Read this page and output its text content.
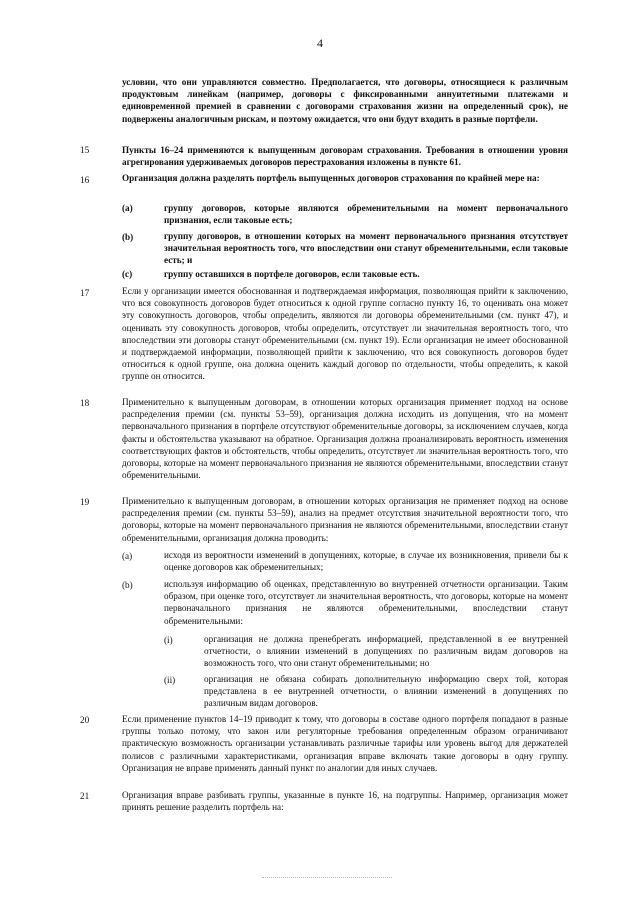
4
условии, что они управляются совместно. Предполагается, что договоры, относящиеся к различным продуктовым линейкам (например, договоры с фиксированными аннуитетными платежами и единовременной премией в сравнении с договорами страхования жизни на определенный срок), не подвержены аналогичным рискам, и поэтому ожидается, что они будут входить в разные портфели.
15	Пункты 16–24 применяются к выпущенным договорам страхования. Требования в отношении уровня агрегирования удерживаемых договоров перестрахования изложены в пункте 61.
16	Организация должна разделять портфель выпущенных договоров страхования по крайней мере на:
(a)	группу договоров, которые являются обременительными на момент первоначального признания, если таковые есть;
(b)	группу договоров, в отношении которых на момент первоначального признания отсутствует значительная вероятность того, что впоследствии они станут обременительными, если таковые есть; и
(c)	группу оставшихся в портфеле договоров, если таковые есть.
17	Если у организации имеется обоснованная и подтверждаемая информация, позволяющая прийти к заключению, что вся совокупность договоров будет относиться к одной группе согласно пункту 16, то оценивать она может эту совокупность договоров, чтобы определить, являются ли договоры обременительными (см. пункт 47), и оценивать эту совокупность договоров, чтобы определить, отсутствует ли значительная вероятность того, что впоследствии эти договоры станут обременительными (см. пункт 19). Если организация не имеет обоснованной и подтверждаемой информации, позволяющей прийти к заключению, что вся совокупность договоров будет относиться к одной группе, она должна оценить каждый договор по отдельности, чтобы определить, к какой группе он относится.
18	Применительно к выпущенным договорам, в отношении которых организация применяет подход на основе распределения премии (см. пункты 53–59), организация должна исходить из допущения, что на момент первоначального признания в портфеле отсутствуют обременительные договоры, за исключением случаев, когда факты и обстоятельства указывают на обратное. Организация должна проанализировать вероятность изменения соответствующих фактов и обстоятельств, чтобы определить, отсутствует ли значительная вероятность того, что договоры, которые на момент первоначального признания не являются обременительными, впоследствии станут обременительными.
19	Применительно к выпущенным договорам, в отношении которых организация не применяет подход на основе распределения премии (см. пункты 53–59), анализ на предмет отсутствия значительной вероятности того, что договоры, которые на момент первоначального признания не являются обременительными, впоследствии станут обременительными, организация должна проводить:
(a)	исходя из вероятности изменений в допущениях, которые, в случае их возникновения, привели бы к оценке договоров как обременительных;
(b)	используя информацию об оценках, представленную во внутренней отчетности организации. Таким образом, при оценке того, отсутствует ли значительная вероятность, что договоры, которые на момент первоначального признания не являются обременительными, впоследствии станут обременительными:
(i)	организация не должна пренебрегать информацией, представленной в ее внутренней отчетности, о влиянии изменений в допущениях по различным видам договоров на возможность того, что они станут обременительными; но
(ii)	организация не обязана собирать дополнительную информацию сверх той, которая представлена в ее внутренней отчетности, о влиянии изменений в допущениях по различным видам договоров.
20	Если применение пунктов 14–19 приводит к тому, что договоры в составе одного портфеля попадают в разные группы только потому, что закон или регуляторные требования определенным образом ограничивают практическую возможность организации устанавливать различные тарифы или уровень выгод для держателей полисов с различными характеристиками, организация вправе включать такие договоры в одну группу. Организация не вправе применять данный пункт по аналогии для иных случаев.
21	Организация вправе разбивать группы, указанные в пункте 16, на подгруппы. Например, организация может принять решение разделить портфель на:
